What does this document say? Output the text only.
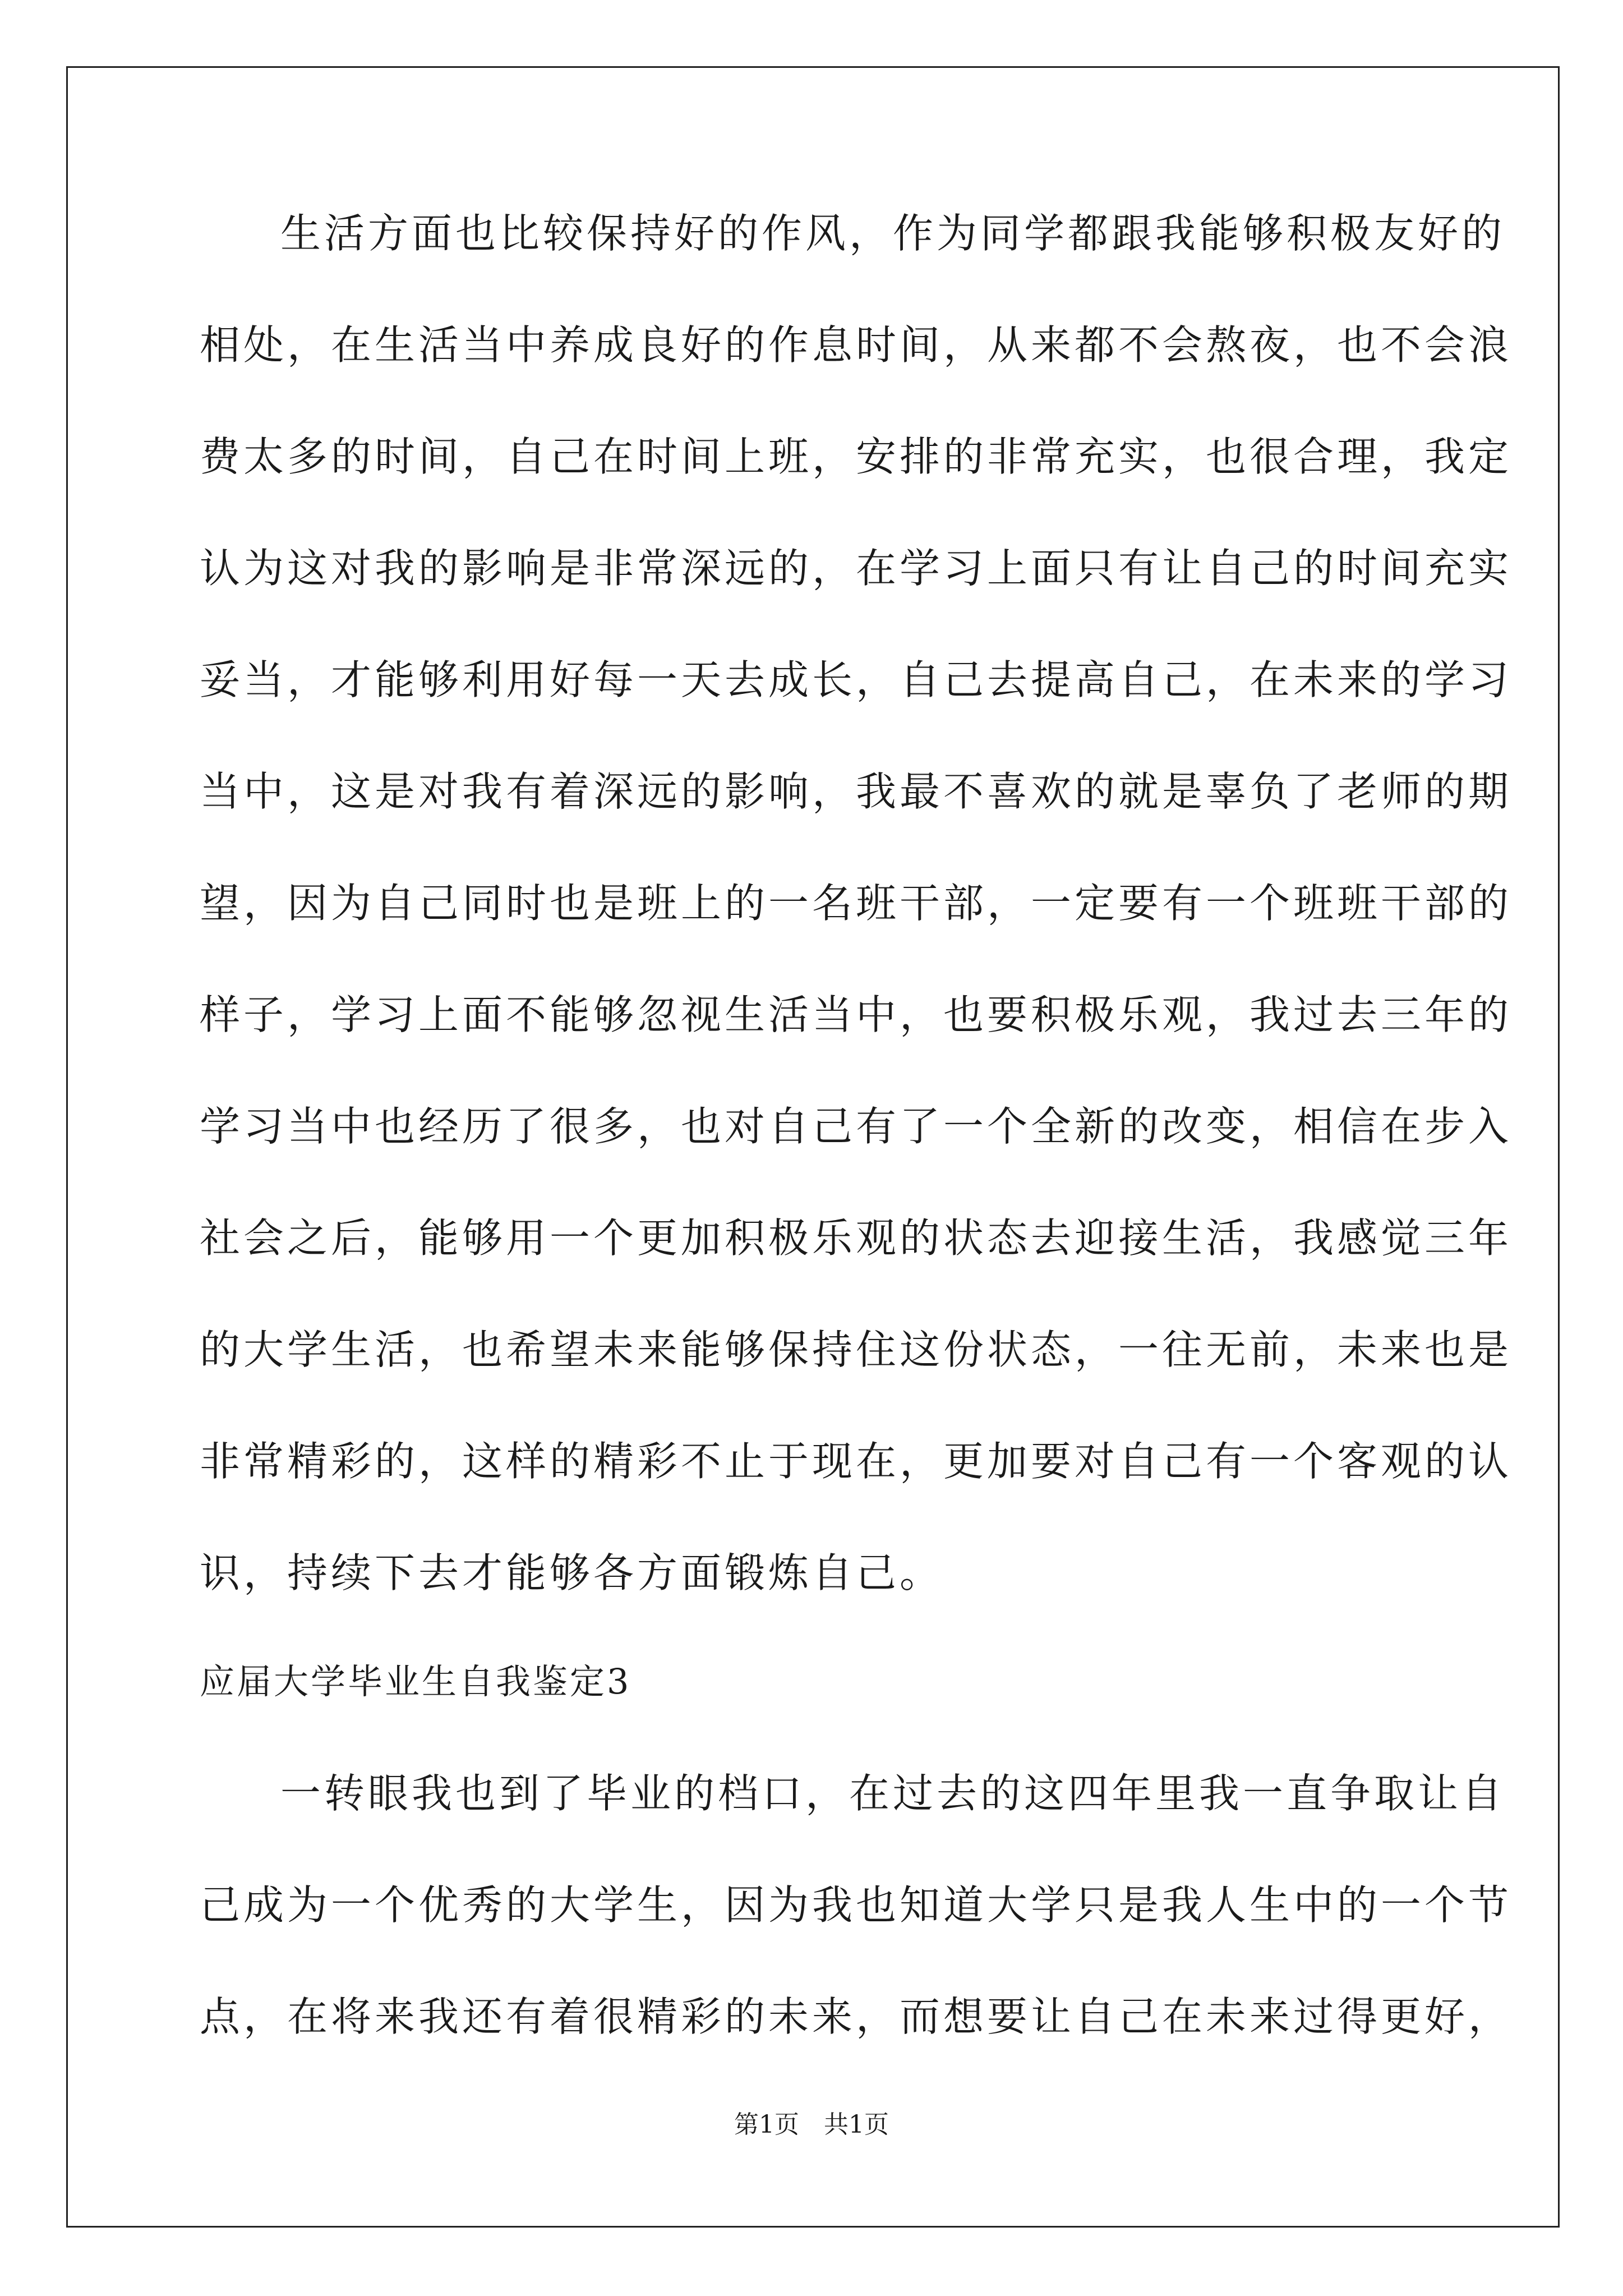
生活方面也比较保持好的作风，作为同学都跟我能够积极友好的
相处，在生活当中养成良好的作息时间，从来都不会熬夜，也不会浪
费太多的时间，自己在时间上班，安排的非常充实，也很合理，我定
认为这对我的影响是非常深远的，在学习上面只有让自己的时间充实
妥当，才能够利用好每一天去成长，自己去提高自己，在未来的学习
当中，这是对我有着深远的影响，我最不喜欢的就是辜负了老师的期
望，因为自己同时也是班上的一名班干部，一定要有一个班班干部的
样子，学习上面不能够忽视生活当中，也要积极乐观，我过去三年的
学习当中也经历了很多，也对自己有了一个全新的改变，相信在步入
社会之后，能够用一个更加积极乐观的状态去迎接生活，我感觉三年
的大学生活，也希望未来能够保持住这份状态，一往无前，未来也是
非常精彩的，这样的精彩不止于现在，更加要对自己有一个客观的认
识，持续下去才能够各方面锻炼自己。
应届大学毕业生自我鉴定3
一转眼我也到了毕业的档口，在过去的这四年里我一直争取让自
己成为一个优秀的大学生，因为我也知道大学只是我人生中的一个节
点，在将来我还有着很精彩的未来，而想要让自己在未来过得更好，
第1页　共1页
